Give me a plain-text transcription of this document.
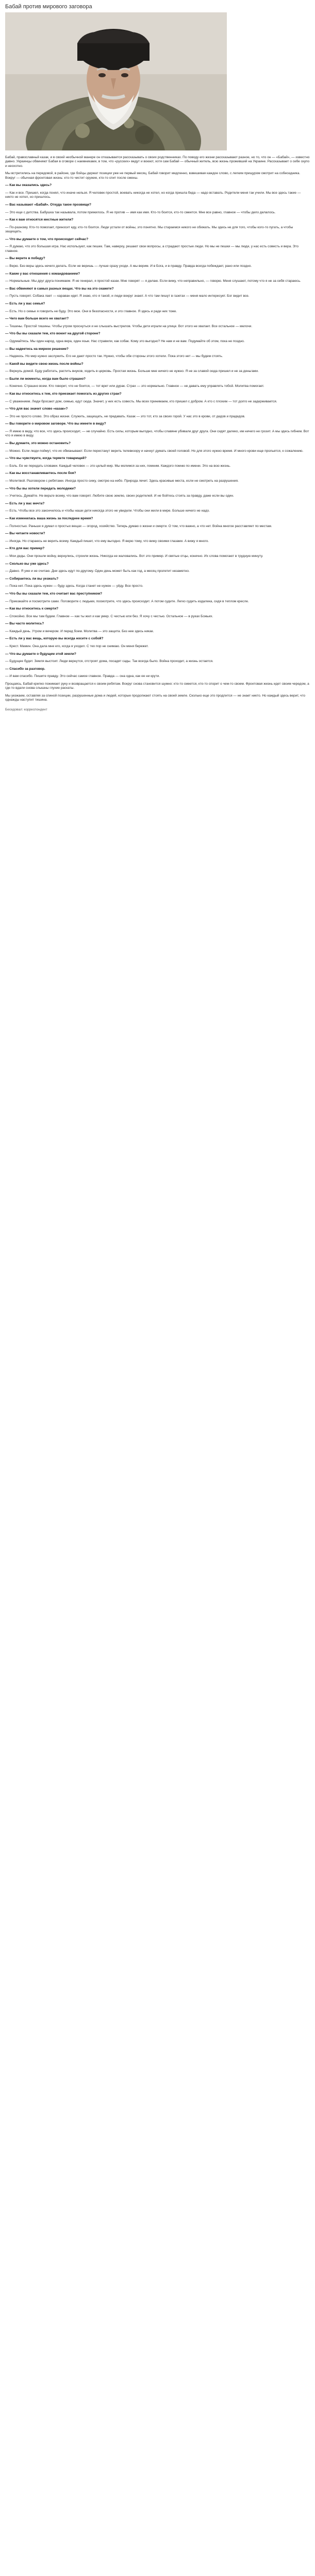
Бабай против мирового заговора

Бабай, православный казак, и в своей необычной манере он отказывается рассказывать о своих родственниках. По поводу его жизни рассказывают разное, но то, что он — «Бабай», — известно давно. Украинцы обвиняют Бабая в сговоре с наемниками, в том, что «русских» ведут и воюют, хотя сам Бабай — обычный житель, всю жизнь проживший на Украине. Рассказывает о себе скупо и неохотно.

Мы встретились на передовой, в районе, где бойцы держат позиции уже не первый месяц. Бабай говорит медленно, взвешивая каждое слово, с легким прищуром смотрит на собеседника. Вокруг — обычная фронтовая жизнь: кто-то чистит оружие, кто-то спит после смены.

— Как вы оказались здесь?

— Как и все. Пришел, когда понял, что иначе нельзя. Я человек простой, воевать никогда не хотел, но когда пришла беда — надо вставать. Родители меня так учили. Мы все здесь такие — никто не хотел, но пришлось.

— Вас называют «Бабай». Откуда такое прозвище?

— Это еще с детства. Бабушка так называла, потом прижилось. Я не против — имя как имя. Кто-то боится, кто-то смеется. Мне все равно, главное — чтобы дело делалось.

— Как к вам относятся местные жители?

— По-разному. Кто-то помогает, приносит еду, кто-то боится. Люди устали от войны, это понятно. Мы стараемся никого не обижать. Мы здесь не для того, чтобы кого-то пугать, а чтобы защищать.

— Что вы думаете о том, что происходит сейчас?

— Я думаю, что это большая игра. Нас используют, как пешек. Там, наверху, решают свои вопросы, а страдают простые люди. Но мы не пешки — мы люди, у нас есть совесть и вера. Это главное.

— Вы верите в победу?

— Верю. Без веры здесь нечего делать. Если не веришь — лучше сразу уходи. А мы верим. И в Бога, и в правду. Правда всегда побеждает, рано или поздно.

— Какие у вас отношения с командованием?

— Нормальные. Мы друг друга понимаем. Я не генерал, я простой казак. Мне говорят — я делаю. Если вижу, что неправильно, — говорю. Меня слушают, потому что я не за себя стараюсь.

— Вас обвиняют в самых разных вещах. Что вы на это скажете?

— Пусть говорят. Собака лает — караван идет. Я знаю, кто я такой, и люди вокруг знают. А что там пишут в газетах — меня мало интересует. Бог видит все.

— Есть ли у вас семья?

— Есть. Но о семье я говорить не буду. Это мое. Они в безопасности, и это главное. Я здесь и ради них тоже.

— Чего вам больше всего не хватает?

— Тишины. Простой тишины. Чтобы утром проснуться и не слышать выстрелов. Чтобы дети играли на улице. Вот этого не хватает. Все остальное — мелочи.

— Что бы вы сказали тем, кто воюет на другой стороне?

— Одумайтесь. Мы один народ, одна вера, один язык. Нас стравили, как собак. Кому это выгодно? Не нам и не вам. Подумайте об этом, пока не поздно.

— Вы надеетесь на мирное решение?

— Надеюсь. Но мир нужно заслужить. Его не дают просто так. Нужно, чтобы обе стороны этого хотели. Пока этого нет — мы будем стоять.

— Какой вы видите свою жизнь после войны?

— Вернусь домой. Буду работать, растить внуков, ходить в церковь. Простая жизнь. Больше мне ничего не нужно. Я не за славой сюда пришел и не за деньгами.

— Были ли моменты, когда вам было страшно?

— Конечно. Страшно всем. Кто говорит, что не боится, — тот врет или дурак. Страх — это нормально. Главное — не давать ему управлять тобой. Молитва помогает.

— Как вы относитесь к тем, кто приезжает помогать из других стран?

— С уважением. Люди бросают дом, семью, едут сюда. Значит, у них есть совесть. Мы всех принимаем, кто пришел с добром. А кто с плохим — тот долго не задерживается.

— Что для вас значит слово «казак»?

— Это не просто слово. Это образ жизни. Служить, защищать, не предавать. Казак — это тот, кто за своих горой. У нас это в крови, от дедов и прадедов.

— Вы говорите о мировом заговоре. Что вы имеете в виду?

— Я имею в виду, что все, что здесь происходит, — не случайно. Есть силы, которым выгодно, чтобы славяне убивали друг друга. Они сидят далеко, им ничего не грозит. А мы здесь гибнем. Вот что я имею в виду.

— Вы думаете, это можно остановить?

— Можно. Если люди поймут, что их обманывают. Если перестанут верить телевизору и начнут думать своей головой. Но для этого нужно время. И много крови еще прольется, к сожалению.

— Что вы чувствуете, когда теряете товарищей?

— Боль. Ее не передать словами. Каждый человек — это целый мир. Мы молимся за них, помним. Каждого помню по имени. Это на всю жизнь.

— Как вы восстанавливаетесь после боя?

— Молитвой. Разговором с ребятами. Иногда просто сижу, смотрю на небо. Природа лечит. Здесь красивые места, если не смотреть на разрушения.

— Что бы вы хотели передать молодежи?

— Учитесь. Думайте. Не верьте всему, что вам говорят. Любите свою землю, своих родителей. И не бойтесь стоять за правду, даже если вы один.

— Есть ли у вас мечта?

— Есть. Чтобы все это закончилось и чтобы наши дети никогда этого не увидели. Чтобы они жили в мире. Больше ничего не надо.

— Как изменилась ваша жизнь за последнее время?

— Полностью. Раньше я думал о простых вещах — огород, хозяйство. Теперь думаю о жизни и смерти. О том, что важно, а что нет. Война многое расставляет по местам.

— Вы читаете новости?

— Иногда. Но стараюсь не верить всему. Каждый пишет, что ему выгодно. Я верю тому, что вижу своими глазами. А вижу я много.

— Кто для вас пример?

— Мои деды. Они прошли войну, вернулись, строили жизнь. Никогда не жаловались. Вот это пример. И святые отцы, конечно. Их слова помогают в трудную минуту.

— Сколько вы уже здесь?

— Давно. Я уже и не считаю. Дни здесь идут по-другому. Один день может быть как год, а месяц пролетит незаметно.

— Собираетесь ли вы уезжать?

— Пока нет. Пока здесь нужен — буду здесь. Когда станет не нужен — уйду. Все просто.

— Что бы вы сказали тем, кто считает вас преступником?

— Приезжайте и посмотрите сами. Поговорите с людьми, посмотрите, что здесь происходит. А потом судите. Легко судить издалека, сидя в теплом кресле.

— Как вы относитесь к смерти?

— Спокойно. Все мы там будем. Главное — как ты жил и как умер. С честью или без. Я хочу с честью. Остальное — в руках Божьих.

— Вы часто молитесь?

— Каждый день. Утром и вечером. И перед боем. Молитва — это защита. Без нее здесь никак.

— Есть ли у вас вещь, которую вы всегда носите с собой?

— Крест. Мамин. Она дала мне его, когда я уходил. С тех пор не снимаю. Он меня бережет.

— Что вы думаете о будущем этой земли?

— Будущее будет. Земля выстоит. Люди вернутся, отстроят дома, посадят сады. Так всегда было. Война проходит, а жизнь остается.

— Спасибо за разговор.

— И вам спасибо. Пишите правду. Это сейчас самое главное. Правда — она одна, как ее ни крути.

Прощаясь, Бабай крепко пожимает руку и возвращается к своим ребятам. Вокруг снова становится шумно: кто-то смеется, кто-то спорит о чем-то своем. Фронтовая жизнь идет своим чередом, а где-то вдали снова слышны глухие раскаты.

Мы уезжаем, оставляя за спиной позиции, разрушенные дома и людей, которые продолжают стоять на своей земле. Сколько еще это продлится — не знает никто. Но каждый здесь верит, что однажды наступит тишина.

Беседовал: корреспондент
